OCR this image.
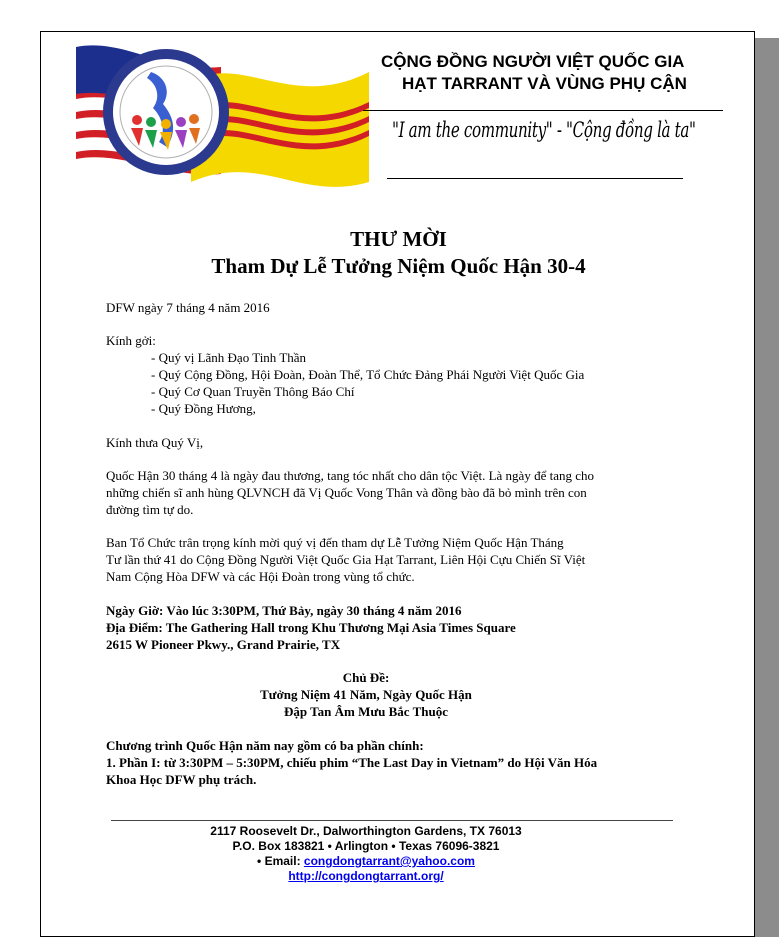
CỘNG ĐỒNG NGƯỜI VIỆT QUỐC GIA
HẠT TARRANT VÀ VÙNG PHỤ CẬN
"I am the community" - "Cộng đồng là ta"
THƯ MỜI
Tham Dự Lễ Tưởng Niệm Quốc Hận 30-4
DFW ngày 7 tháng 4 năm 2016
Kính gởi:
- Quý vị Lãnh Đạo Tinh Thần
- Quý Cộng Đồng, Hội Đoàn, Đoàn Thể, Tổ Chức Đảng Phái Người Việt Quốc Gia
- Quý Cơ Quan Truyền Thông Báo Chí
- Quý Đồng Hương,
Kính thưa Quý Vị,
Quốc Hận 30 tháng 4 là ngày đau thương, tang tóc nhất cho dân tộc Việt. Là ngày để tang cho
những chiến sĩ anh hùng QLVNCH đã Vị Quốc Vong Thân và đồng bào đã bỏ mình trên con
đường tìm tự do.
Ban Tổ Chức trân trọng kính mời quý vị đến tham dự Lễ Tưởng Niệm Quốc Hận Tháng
Tư lần thứ 41 do Cộng Đồng Người Việt Quốc Gia Hạt Tarrant, Liên Hội Cựu Chiến Sĩ Việt
Nam Cộng Hòa DFW và các Hội Đoàn trong vùng tổ chức.
Ngày Giờ: Vào lúc 3:30PM, Thứ Bảy, ngày 30 tháng 4 năm 2016
Địa Điểm: The Gathering Hall trong Khu Thương Mại Asia Times Square
2615 W Pioneer Pkwy., Grand Prairie, TX
Chủ Đề:
Tưởng Niệm 41 Năm, Ngày Quốc Hận
Đập Tan Âm Mưu Bắc Thuộc
Chương trình Quốc Hận năm nay gồm có ba phần chính:
1. Phần I: từ 3:30PM – 5:30PM, chiếu phim “The Last Day in Vietnam” do Hội Văn Hóa
Khoa Học DFW phụ trách.
2117 Roosevelt Dr., Dalworthington Gardens, TX 76013
P.O. Box 183821 • Arlington • Texas 76096-3821
• Email: congdongtarrant@yahoo.com
http://congdongtarrant.org/
